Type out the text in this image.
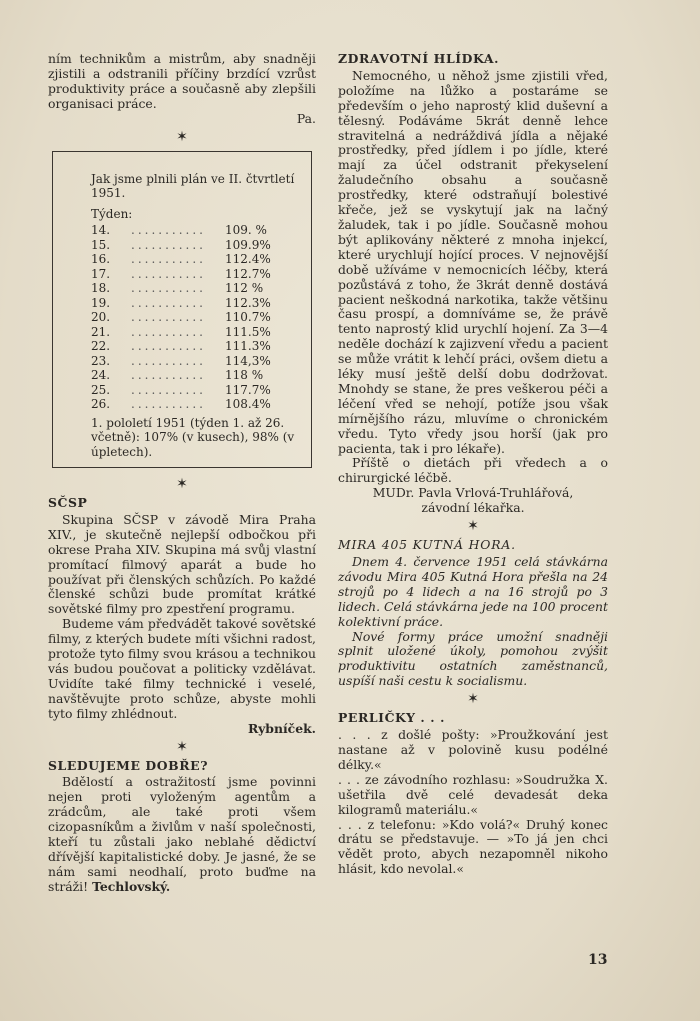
ním technikům a mistrům, aby snadněji zjistili a odstranili příčiny brzdící vzrůst produktivity práce a současně aby zlepšili organisaci práce.

Pa.

✶
Jak jsme plnili plán ve II. čtvrtletí 1951.
Týden:
14.	...........	109. %
15.	...........	109.9%
16.	...........	112.4%
17.	...........	112.7%
18.	...........	112 %
19.	...........	112.3%
20.	...........	110.7%
21.	...........	111.5%
22.	...........	111.3%
23.	...........	114,3%
24.	...........	118 %
25.	...........	117.7%
26.	...........	108.4%
1. pololetí 1951 (týden 1. až 26. včetně): 107% (v kusech), 98% (v úpletech).
✶
SČSP

Skupina SČSP v závodě Mira Praha XIV., je skutečně nejlepší odbočkou při okrese Praha XIV. Skupina má svůj vlastní promítací filmový aparát a bude ho používat při členských schůzích. Po každé členské schůzi bude promítat krátké sovětské filmy pro zpestření programu.

Budeme vám předvádět takové sovětské filmy, z kterých budete míti všichni radost, protože tyto filmy svou krásou a technikou vás budou poučovat a politicky vzdělávat. Uvidíte také filmy technické i veselé, navštěvujte proto schůze, abyste mohli tyto filmy zhlédnout.

Rybníček.

✶
SLEDUJEME DOBŘE?

Bdělostí a ostražitostí jsme povinni nejen proti vyloženým agentům a zrádcům, ale také proti všem cizopasníkům a živlům v naší společnosti, kteří tu zůstali jako neblahé dědictví dřívější kapitalistické doby. Je jasné, že se nám sami neodhalí, proto buďme na stráži! Techlovský.

ZDRAVOTNÍ HLÍDKA.

Nemocného, u něhož jsme zjistili vřed, položíme na lůžko a postaráme se především o jeho naprostý klid duševní a tělesný. Podáváme 5krát denně lehce stravitelná a nedráždivá jídla a nějaké prostředky, před jídlem i po jídle, které mají za účel odstranit překyselení žaludečního obsahu a současně prostředky, které odstraňují bolestivé křeče, jež se vyskytují jak na lačný žaludek, tak i po jídle. Současně mohou být aplikovány některé z mnoha injekcí, které urychlují hojící proces. V nejnovější době užíváme v nemocnicích léčby, která pozůstává z toho, že 3krát denně dostává pacient neškodná narkotika, takže většinu času prospí, a domníváme se, že právě tento naprostý klid urychlí hojení. Za 3—4 neděle dochází k zajizvení vředu a pacient se může vrátit k lehčí práci, ovšem dietu a léky musí ještě delší dobu dodržovat. Mnohdy se stane, že pres veškerou péči a léčení vřed se nehojí, potíže jsou však mírnějšího rázu, mluvíme o chronickém vředu. Tyto vředy jsou horší (jak pro pacienta, tak i pro lékaře).

Příště o dietách při vředech a o chirurgické léčbě.

MUDr. Pavla Vrlová-Truhlářová,

závodní lékařka.

✶
MIRA 405 KUTNÁ HORA.

Dnem 4. července 1951 celá stávkárna závodu Mira 405 Kutná Hora přešla na 24 strojů po 4 lidech a na 16 strojů po 3 lidech. Celá stávkárna jede na 100 procent kolektivní práce.

Nové formy práce umožní snadněji splnit uložené úkoly, pomohou zvýšit produktivitu ostatních zaměstnanců, uspíší naši cestu k socialismu.

✶
PERLIČKY . . .

. . . z došlé pošty: »Proužkování jest nastane až v polovině kusu podélné délky.«

. . . ze závodního rozhlasu: »Soudružka X. ušetřila dvě celé devadesát deka kilogramů materiálu.«

. . . z telefonu: »Kdo volá?« Druhý konec drátu se představuje. — »To já jen chci vědět proto, abych nezapomněl nikoho hlásit, kdo nevolal.«

13
